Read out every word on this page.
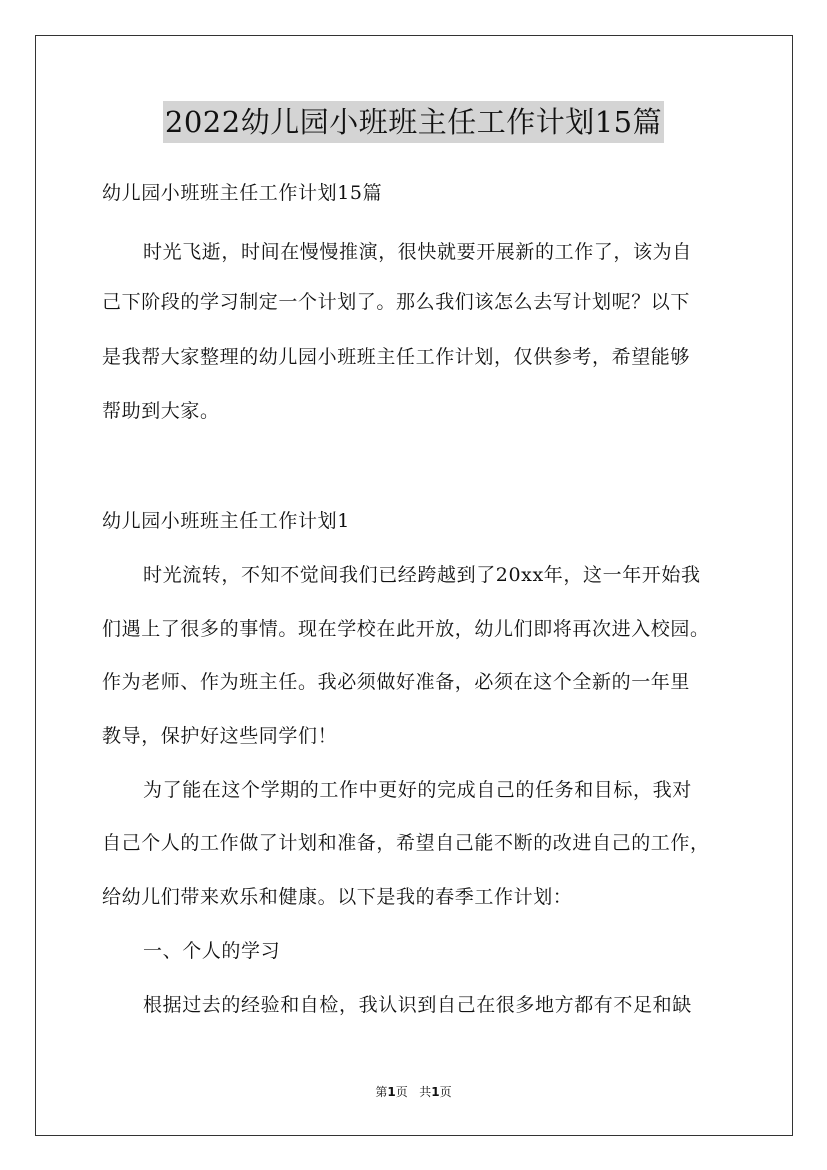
2022幼儿园小班班主任工作计划15篇
幼儿园小班班主任工作计划15篇
时光飞逝，时间在慢慢推演，很快就要开展新的工作了，该为自
己下阶段的学习制定一个计划了。那么我们该怎么去写计划呢？以下
是我帮大家整理的幼儿园小班班主任工作计划，仅供参考，希望能够
帮助到大家。
幼儿园小班班主任工作计划1
时光流转，不知不觉间我们已经跨越到了20xx年，这一年开始我
们遇上了很多的事情。现在学校在此开放，幼儿们即将再次进入校园。
作为老师、作为班主任。我必须做好准备，必须在这个全新的一年里
教导，保护好这些同学们！
为了能在这个学期的工作中更好的完成自己的任务和目标，我对
自己个人的工作做了计划和准备，希望自己能不断的改进自己的工作，
给幼儿们带来欢乐和健康。以下是我的春季工作计划：
一、个人的学习
根据过去的经验和自检，我认识到自己在很多地方都有不足和缺
第1页 共1页
